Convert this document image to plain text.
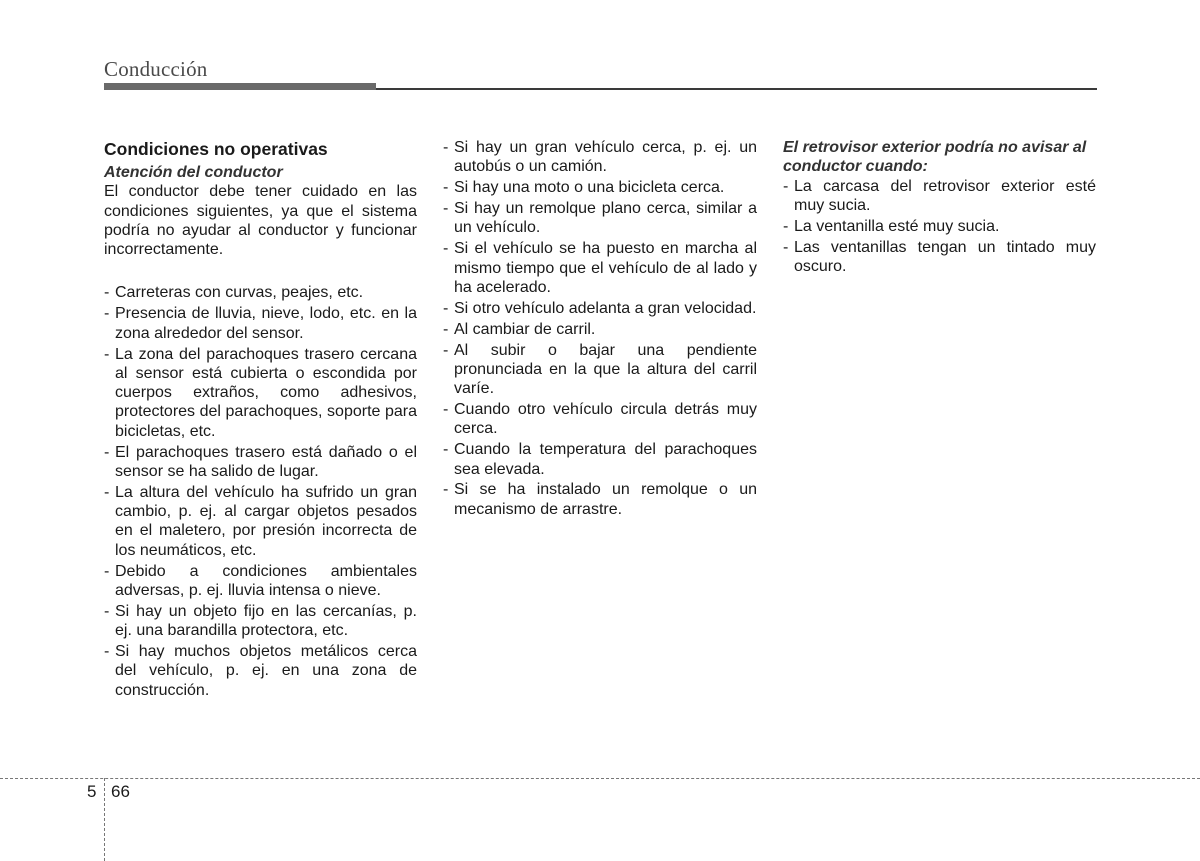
Conducción
Condiciones no operativas
Atención del conductor
El conductor debe tener cuidado en las condiciones siguientes, ya que el sistema podría no ayudar al conductor y funcionar incorrectamente.
- Carreteras con curvas, peajes, etc.
- Presencia de lluvia, nieve, lodo, etc. en la zona alrededor del sensor.
- La zona del parachoques trasero cercana al sensor está cubierta o escondida por cuerpos extraños, como adhesivos, protectores del parachoques, soporte para bicicletas, etc.
- El parachoques trasero está dañado o el sensor se ha salido de lugar.
- La altura del vehículo ha sufrido un gran cambio, p. ej. al cargar objetos pesados en el maletero, por presión incorrecta de los neumáticos, etc.
- Debido a condiciones ambientales adversas, p. ej. lluvia intensa o nieve.
- Si hay un objeto fijo en las cercanías, p. ej. una barandilla protectora, etc.
- Si hay muchos objetos metálicos cerca del vehículo, p. ej. en una zona de construcción.
- Si hay un gran vehículo cerca, p. ej. un autobús o un camión.
- Si hay una moto o una bicicleta cerca.
- Si hay un remolque plano cerca, similar a un vehículo.
- Si el vehículo se ha puesto en marcha al mismo tiempo que el vehículo de al lado y ha acelerado.
- Si otro vehículo adelanta a gran velocidad.
- Al cambiar de carril.
- Al subir o bajar una pendiente pronunciada en la que la altura del carril varíe.
- Cuando otro vehículo circula detrás muy cerca.
- Cuando la temperatura del parachoques sea elevada.
- Si se ha instalado un remolque o un mecanismo de arrastre.
El retrovisor exterior podría no avisar al conductor cuando:
- La carcasa del retrovisor exterior esté muy sucia.
- La ventanilla esté muy sucia.
- Las ventanillas tengan un tintado muy oscuro.
5 66
